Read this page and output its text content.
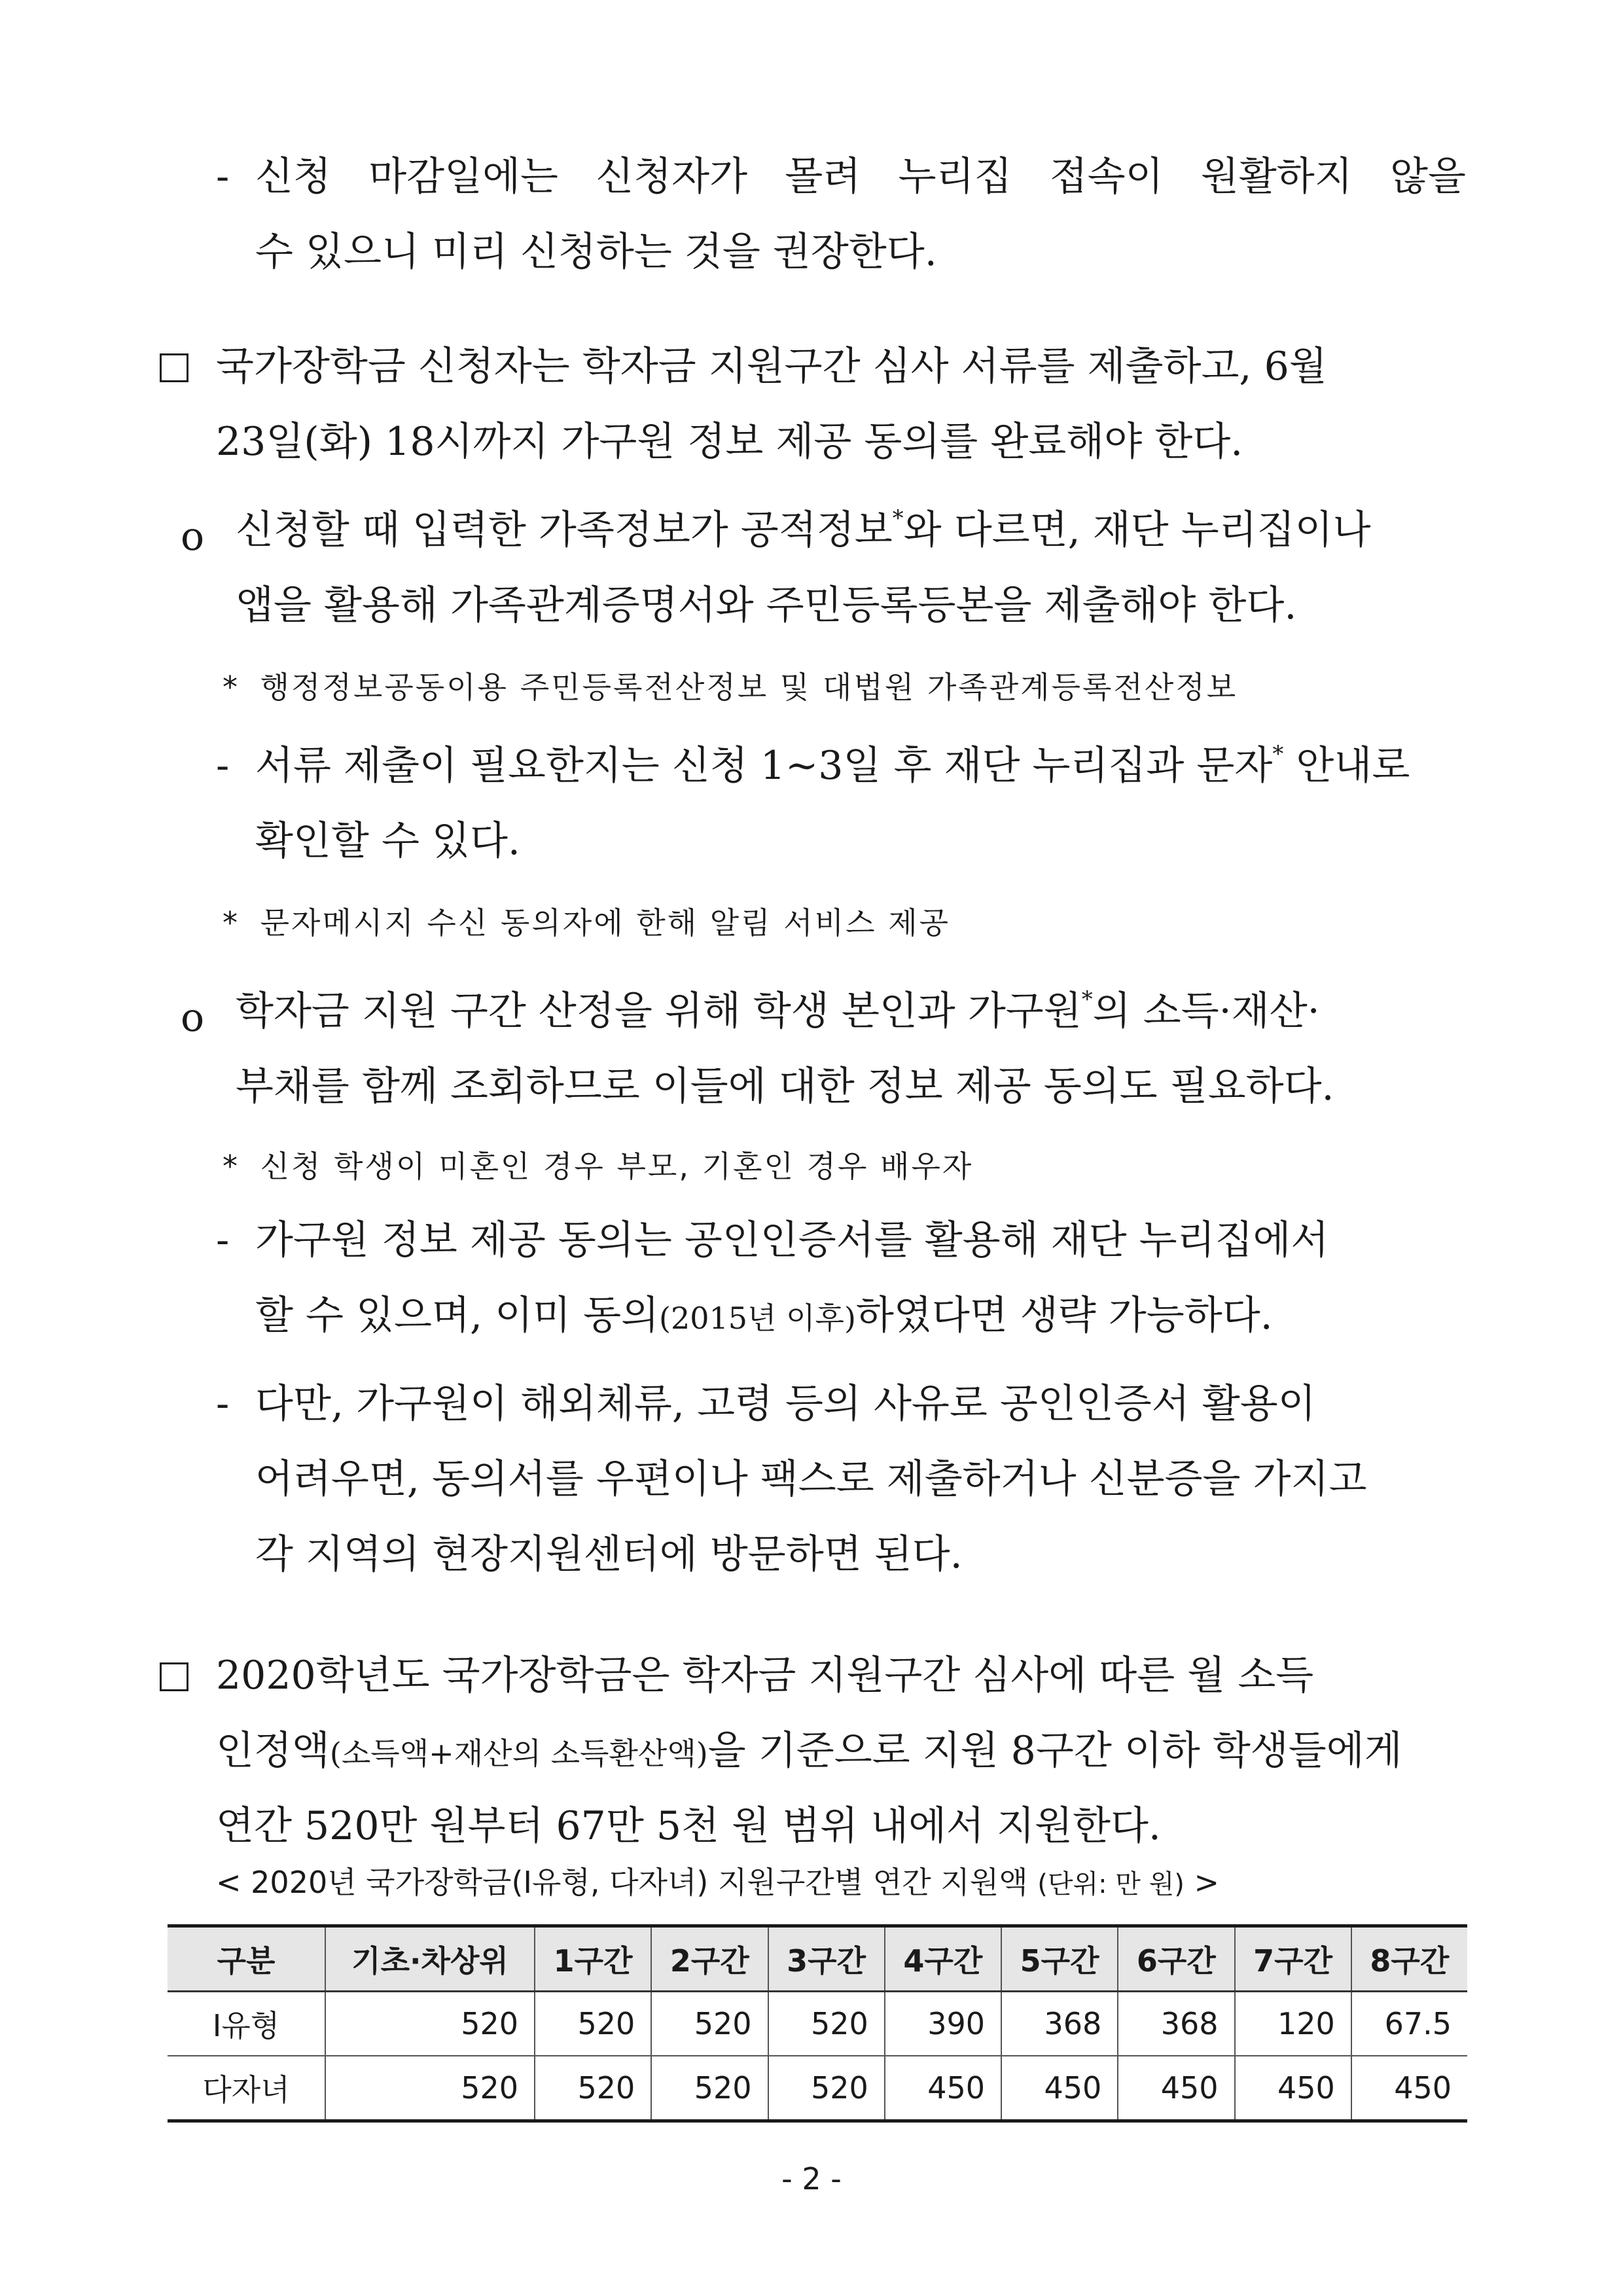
- 신청 마감일에는 신청자가 몰려 누리집 접속이 원활하지 않을
수 있으니 미리 신청하는 것을 권장한다.
국가장학금 신청자는 학자금 지원구간 심사 서류를 제출하고, 6월
23일(화) 18시까지 가구원 정보 제공 동의를 완료해야 한다.
o 신청할 때 입력한 가족정보가 공적정보*와 다르면, 재단 누리집이나
앱을 활용해 가족관계증명서와 주민등록등본을 제출해야 한다.
* 행정정보공동이용 주민등록전산정보 및 대법원 가족관계등록전산정보
- 서류 제출이 필요한지는 신청 1~3일 후 재단 누리집과 문자* 안내로
확인할 수 있다.
* 문자메시지 수신 동의자에 한해 알림 서비스 제공
o 학자금 지원 구간 산정을 위해 학생 본인과 가구원*의 소득·재산·
부채를 함께 조회하므로 이들에 대한 정보 제공 동의도 필요하다.
* 신청 학생이 미혼인 경우 부모, 기혼인 경우 배우자
- 가구원 정보 제공 동의는 공인인증서를 활용해 재단 누리집에서
할 수 있으며, 이미 동의(2015년 이후)하였다면 생략 가능하다.
- 다만, 가구원이 해외체류, 고령 등의 사유로 공인인증서 활용이
어려우면, 동의서를 우편이나 팩스로 제출하거나 신분증을 가지고
각 지역의 현장지원센터에 방문하면 된다.
2020학년도 국가장학금은 학자금 지원구간 심사에 따른 월 소득
인정액(소득액+재산의 소득환산액)을 기준으로 지원 8구간 이하 학생들에게
연간 520만 원부터 67만 5천 원 범위 내에서 지원한다.
< 2020년 국가장학금(Ⅰ유형, 다자녀) 지원구간별 연간 지원액 (단위: 만 원) >
구분	기초·차상위	1구간	2구간	3구간	4구간	5구간	6구간	7구간	8구간
Ⅰ유형	520	520	520	520	390	368	368	120	67.5
다자녀	520	520	520	520	450	450	450	450	450
- 2 -
